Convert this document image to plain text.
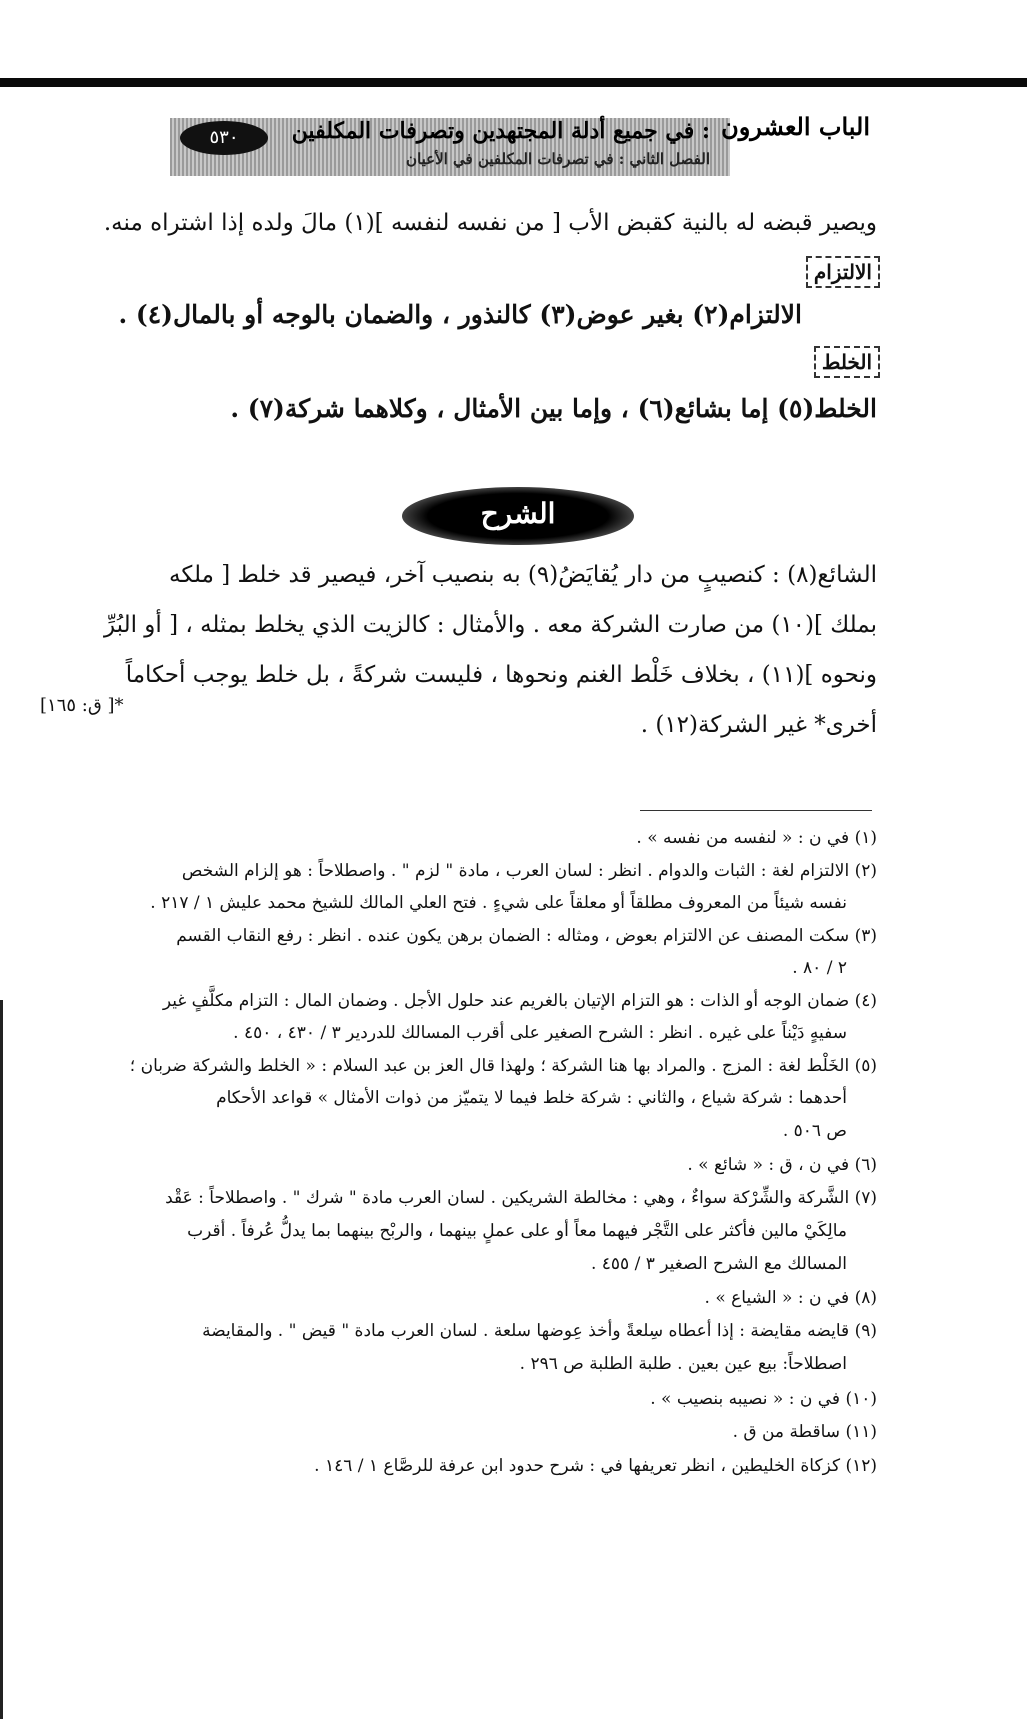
الباب العشرون
: في جميع أدلة المجتهدين وتصرفات المكلفين
الفصل الثاني : في تصرفات المكلفين في الأعيان
٥٣٠
ويصير قبضه له بالنية كقبض الأب [ من نفسه لنفسه ](١) مالَ ولده إذا اشتراه منه.
الالتزام
الالتزام(٢) بغير عوض(٣) كالنذور ، والضمان بالوجه أو بالمال(٤) .
الخلط
الخلط(٥) إما بشائع(٦) ، وإما بين الأمثال ، وكلاهما شركة(٧) .
الشرح
الشائع(٨) : كنصيبٍ من دار يُقايَضُ(٩) به بنصيب آخر، فيصير قد خلط [ ملكه
بملك ](١٠) من صارت الشركة معه . والأمثال : كالزيت الذي يخلط بمثله ، [ أو البُرِّ
ونحوه ](١١) ، بخلاف خَلْط الغنم ونحوها ، فليست شركةً ، بل خلط يوجب أحكاماً
أخرى* غير الشركة(١٢) .
*[ ق: ١٦٥]
(١) في ن : « لنفسه من نفسه » .
(٢) الالتزام لغة : الثبات والدوام . انظر : لسان العرب ، مادة " لزم " . واصطلاحاً : هو إلزام الشخص
نفسه شيئاً من المعروف مطلقاً أو معلقاً على شيءٍ . فتح العلي المالك للشيخ محمد عليش ١ / ٢١٧ .
(٣) سكت المصنف عن الالتزام بعوض ، ومثاله : الضمان برهن يكون عنده . انظر : رفع النقاب القسم
٢ / ٨٠ .
(٤) ضمان الوجه أو الذات : هو التزام الإتيان بالغريم عند حلول الأجل . وضمان المال : التزام مكلَّفٍ غير
سفيهٍ دَيْناً على غيره . انظر : الشرح الصغير على أقرب المسالك للدردير ٣ / ٤٣٠ ، ٤٥٠ .
(٥) الخَلْط لغة : المزج . والمراد بها هنا الشركة ؛ ولهذا قال العز بن عبد السلام : « الخلط والشركة ضربان ؛
أحدهما : شركة شياع ، والثاني : شركة خلط فيما لا يتميّز من ذوات الأمثال » قواعد الأحكام
ص ٥٠٦ .
(٦) في ن ، ق : « شائع » .
(٧) الشَّركة والشِّرْكة سواءٌ ، وهي : مخالطة الشريكين . لسان العرب مادة " شرك " . واصطلاحاً : عَقْد
مالِكَيْ مالين فأكثر على التَّجْر فيهما معاً أو على عملٍ بينهما ، والربْح بينهما بما يدلُّ عُرفاً . أقرب
المسالك مع الشرح الصغير ٣ / ٤٥٥ .
(٨) في ن : « الشياع » .
(٩) قايضه مقايضة : إذا أعطاه سِلعةً وأخذ عِوضها سلعة . لسان العرب مادة " قيض " . والمقايضة
اصطلاحاً: بيع عين بعين . طلبة الطلبة ص ٢٩٦ .
(١٠) في ن : « نصيبه بنصيب » .
(١١) ساقطة من ق .
(١٢) كزكاة الخليطين ، انظر تعريفها في : شرح حدود ابن عرفة للرصَّاع ١ / ١٤٦ .
